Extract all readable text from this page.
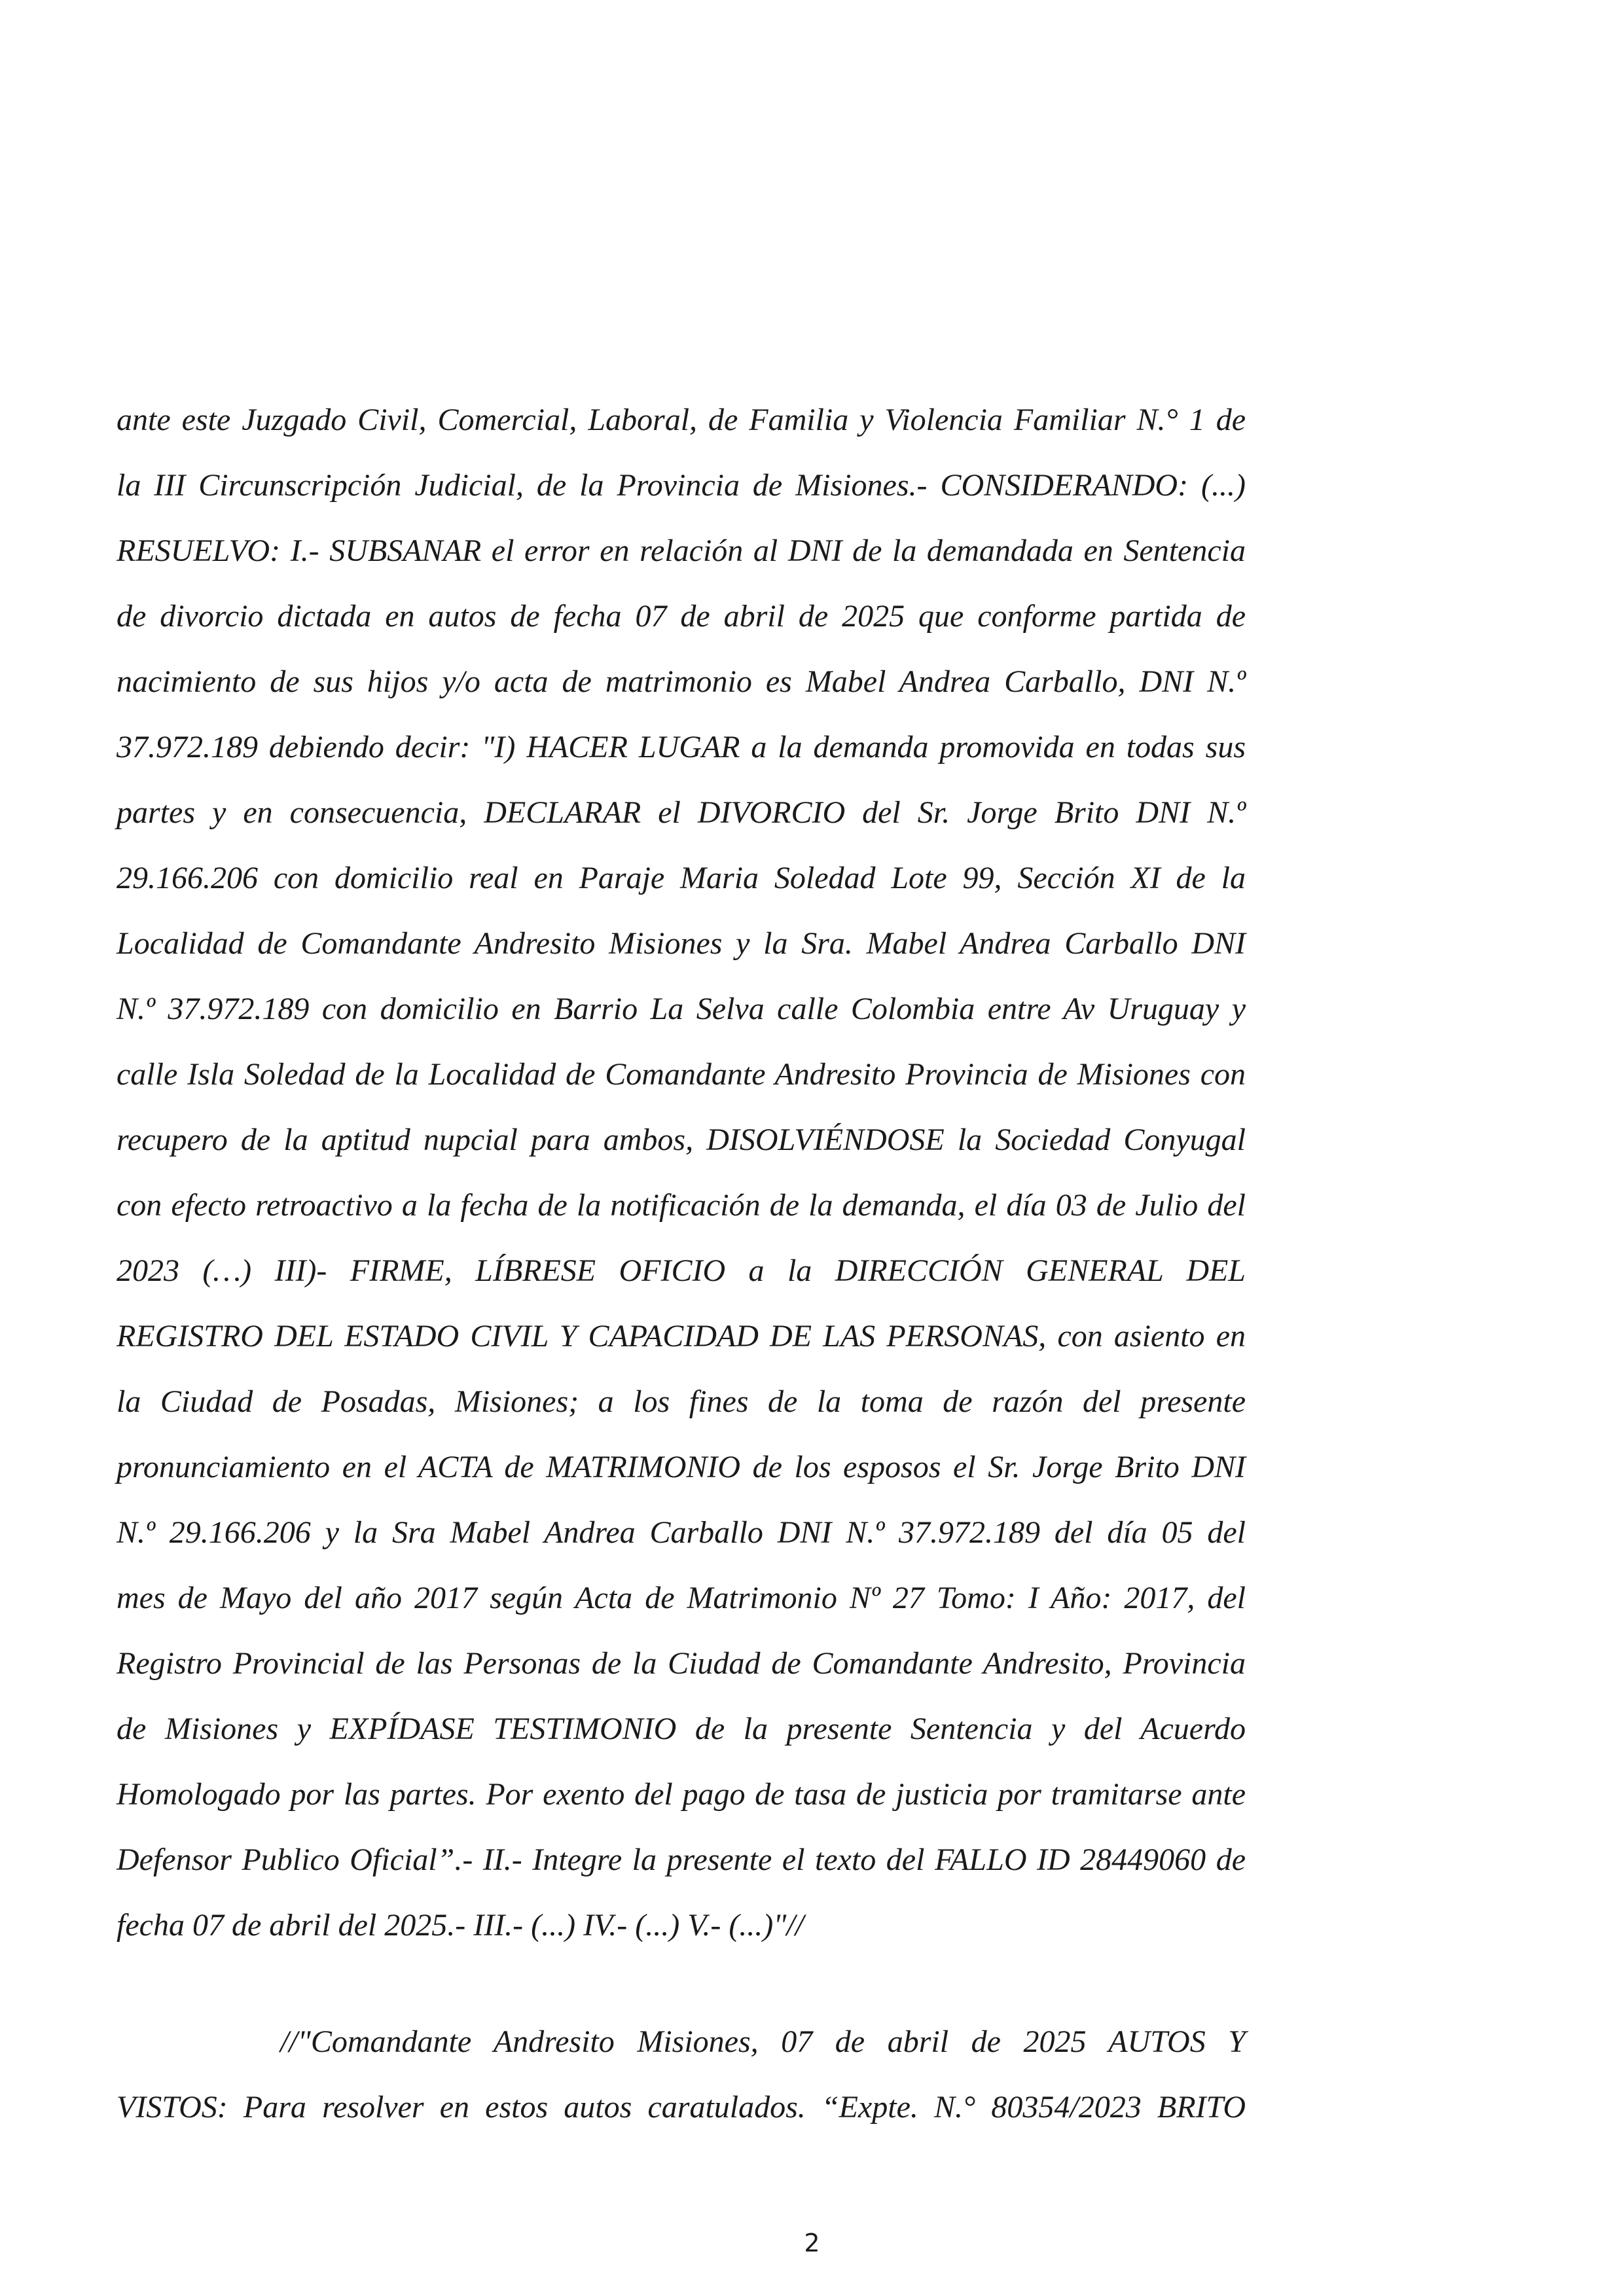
ante este Juzgado Civil, Comercial, Laboral, de Familia y Violencia Familiar N.° 1 de
la III Circunscripción Judicial, de la Provincia de Misiones.- CONSIDERANDO: (...)
RESUELVO: I.- SUBSANAR el error en relación al DNI de la demandada en Sentencia
de divorcio dictada en autos de fecha 07 de abril de 2025 que conforme partida de
nacimiento de sus hijos y/o acta de matrimonio es Mabel Andrea Carballo, DNI N.º
37.972.189 debiendo decir: "I) HACER LUGAR a la demanda promovida en todas sus
partes y en consecuencia, DECLARAR el DIVORCIO del Sr. Jorge Brito DNI N.º
29.166.206 con domicilio real en Paraje Maria Soledad Lote 99, Sección XI de la
Localidad de Comandante Andresito Misiones y la Sra. Mabel Andrea Carballo DNI
N.º 37.972.189 con domicilio en Barrio La Selva calle Colombia entre Av Uruguay y
calle Isla Soledad de la Localidad de Comandante Andresito Provincia de Misiones con
recupero de la aptitud nupcial para ambos, DISOLVIÉNDOSE la Sociedad Conyugal
con efecto retroactivo a la fecha de la notificación de la demanda, el día 03 de Julio del
2023 (…) III)- FIRME, LÍBRESE OFICIO a la DIRECCIÓN GENERAL DEL
REGISTRO DEL ESTADO CIVIL Y CAPACIDAD DE LAS PERSONAS, con asiento en
la Ciudad de Posadas, Misiones; a los fines de la toma de razón del presente
pronunciamiento en el ACTA de MATRIMONIO de los esposos el Sr. Jorge Brito DNI
N.º 29.166.206 y la Sra Mabel Andrea Carballo DNI N.º 37.972.189 del día 05 del
mes de Mayo del año 2017 según Acta de Matrimonio Nº 27 Tomo: I Año: 2017, del
Registro Provincial de las Personas de la Ciudad de Comandante Andresito, Provincia
de Misiones y EXPÍDASE TESTIMONIO de la presente Sentencia y del Acuerdo
Homologado por las partes. Por exento del pago de tasa de justicia por tramitarse ante
Defensor Publico Oficial”.- II.- Integre la presente el texto del FALLO ID 28449060 de
fecha 07 de abril del 2025.- III.- (...) IV.- (...) V.- (...)"//
//"Comandante Andresito Misiones, 07 de abril de 2025 AUTOS Y
VISTOS: Para resolver en estos autos caratulados. “Expte. N.° 80354/2023 BRITO
2
